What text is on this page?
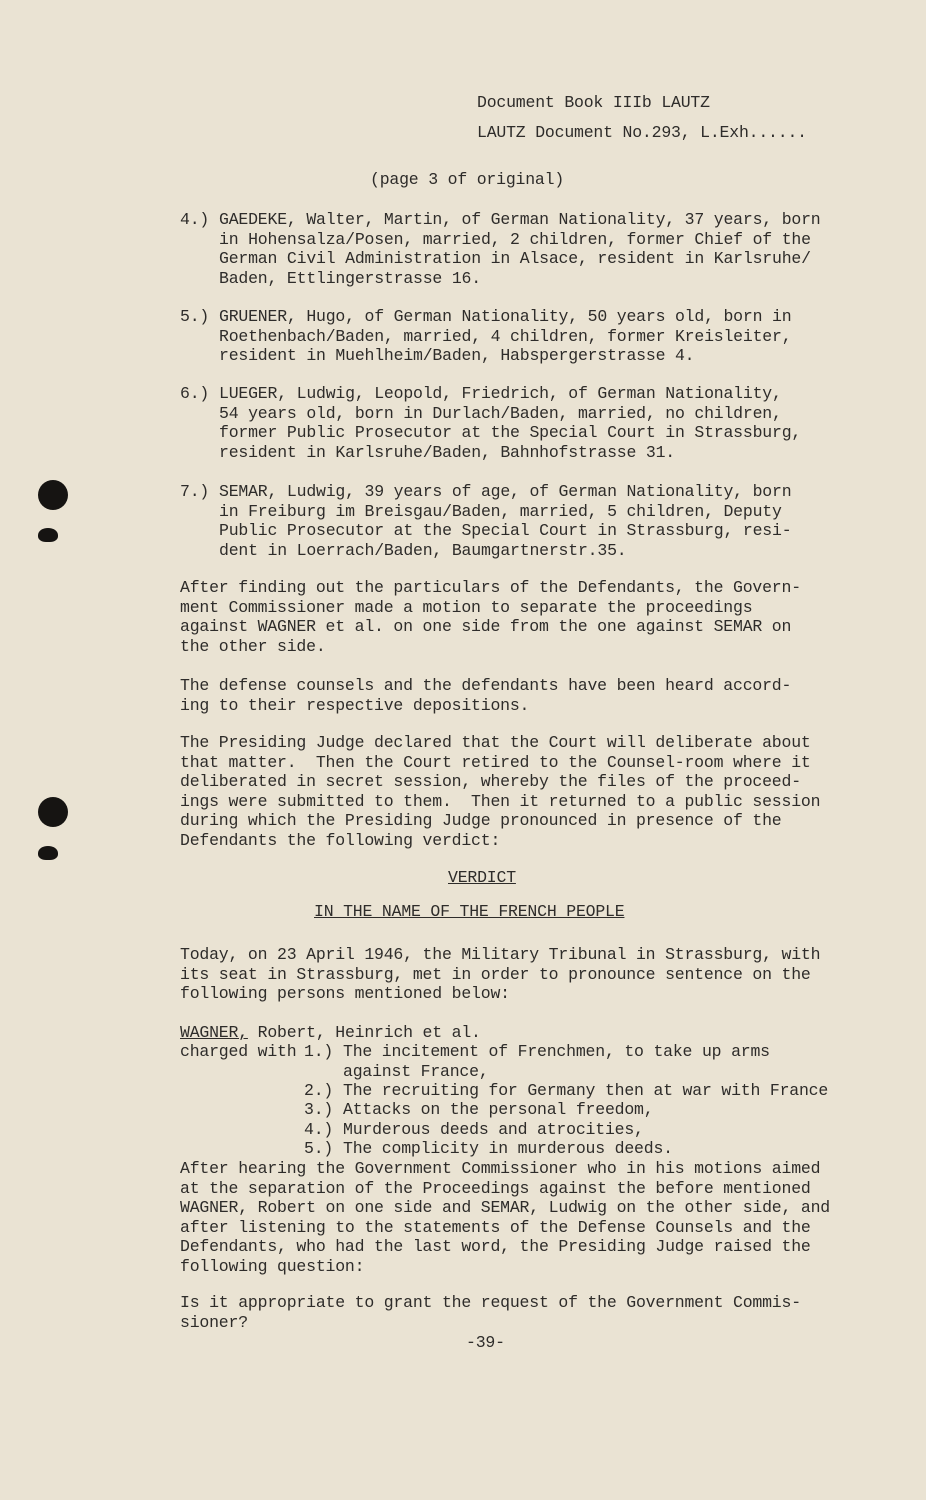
Document Book IIIb LAUTZ
LAUTZ Document No.293, L.Exh......
(page 3 of original)
4.) GAEDEKE, Walter, Martin, of German Nationality, 37 years, born
in Hohensalza/Posen, married, 2 children, former Chief of the
German Civil Administration in Alsace, resident in Karlsruhe/
Baden, Ettlingerstrasse 16.
5.) GRUENER, Hugo, of German Nationality, 50 years old, born in
Roethenbach/Baden, married, 4 children, former Kreisleiter,
resident in Muehlheim/Baden, Habspergerstrasse 4.
6.) LUEGER, Ludwig, Leopold, Friedrich, of German Nationality,
54 years old, born in Durlach/Baden, married, no children,
former Public Prosecutor at the Special Court in Strassburg,
resident in Karlsruhe/Baden, Bahnhofstrasse 31.
7.) SEMAR, Ludwig, 39 years of age, of German Nationality, born
in Freiburg im Breisgau/Baden, married, 5 children, Deputy
Public Prosecutor at the Special Court in Strassburg, resi-
dent in Loerrach/Baden, Baumgartnerstr.35.
After finding out the particulars of the Defendants, the Govern-
ment Commissioner made a motion to separate the proceedings
against WAGNER et al. on one side from the one against SEMAR on
the other side.
The defense counsels and the defendants have been heard accord-
ing to their respective depositions.
The Presiding Judge declared that the Court will deliberate about
that matter.  Then the Court retired to the Counsel-room where it
deliberated in secret session, whereby the files of the proceed-
ings were submitted to them.  Then it returned to a public session
during which the Presiding Judge pronounced in presence of the
Defendants the following verdict:
VERDICT
IN THE NAME OF THE FRENCH PEOPLE
Today, on 23 April 1946, the Military Tribunal in Strassburg, with
its seat in Strassburg, met in order to pronounce sentence on the
following persons mentioned below:
WAGNER, Robert, Heinrich et al.
charged with 1.) The incitement of Frenchmen, to take up arms
against France,
2.) The recruiting for Germany then at war with France
3.) Attacks on the personal freedom,
4.) Murderous deeds and atrocities,
5.) The complicity in murderous deeds.
After hearing the Government Commissioner who in his motions aimed
at the separation of the Proceedings against the before mentioned
WAGNER, Robert on one side and SEMAR, Ludwig on the other side, and
after listening to the statements of the Defense Counsels and the
Defendants, who had the last word, the Presiding Judge raised the
following question:
Is it appropriate to grant the request of the Government Commis-
sioner?
-39-
